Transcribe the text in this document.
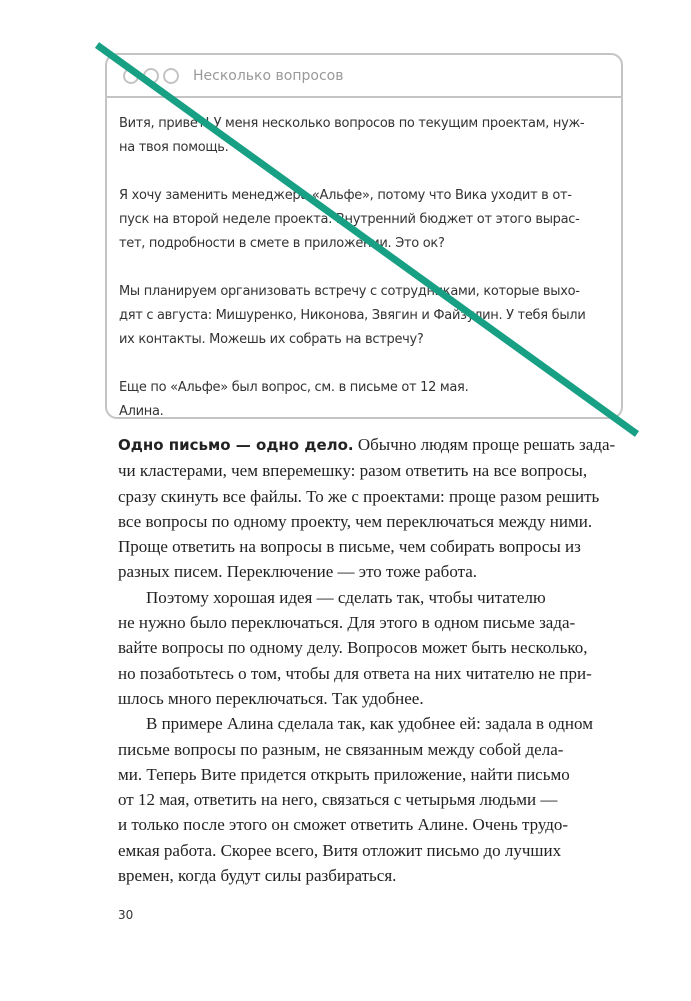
Несколько вопросов

Витя, привет! У меня несколько вопросов по текущим проектам, нуж-
на твоя помощь.

Я хочу заменить менеджера «Альфе», потому что Вика уходит в от-
пуск на второй неделе проекта. Внутренний бюджет от этого вырас-
тет, подробности в смете в приложении. Это ок?

Мы планируем организовать встречу с сотрудниками, которые выхо-
дят с августа: Мишуренко, Никонова, Звягин и  У тебя были
их контакты. Можешь их собрать на встречу?

Еще по «Альфе» был вопрос, см. в письме от 12 мая.
Алина.

Одно письмо — одно дело. Обычно людям проще решать зада-
чи кластерами, чем вперемешку: разом ответить на все вопросы,
сразу скинуть все файлы. То же с проектами: проще разом решить
все вопросы по одному проекту, чем переключаться между ними.
Проще ответить на вопросы в письме, чем собирать вопросы из
разных писем. Переключение — это тоже работа.
Поэтому хорошая идея — сделать так, чтобы читателю
не нужно было переключаться. Для этого в одном письме зада-
вайте вопросы по одному делу. Вопросов может быть несколько,
но позаботьтесь о том, чтобы для ответа на них читателю не при-
шлось много переключаться. Так удобнее.
В примере Алина сделала так, как удобнее ей: задала в одном
письме вопросы по разным, не связанным между собой дела-
ми. Теперь Вите придется открыть приложение, найти письмо
от 12 мая, ответить на него, связаться с четырьмя людьми —
и только после этого он сможет ответить Алине. Очень трудо-
емкая работа. Скорее всего, Витя отложит письмо до лучших
времен, когда будут силы разбираться.
30
